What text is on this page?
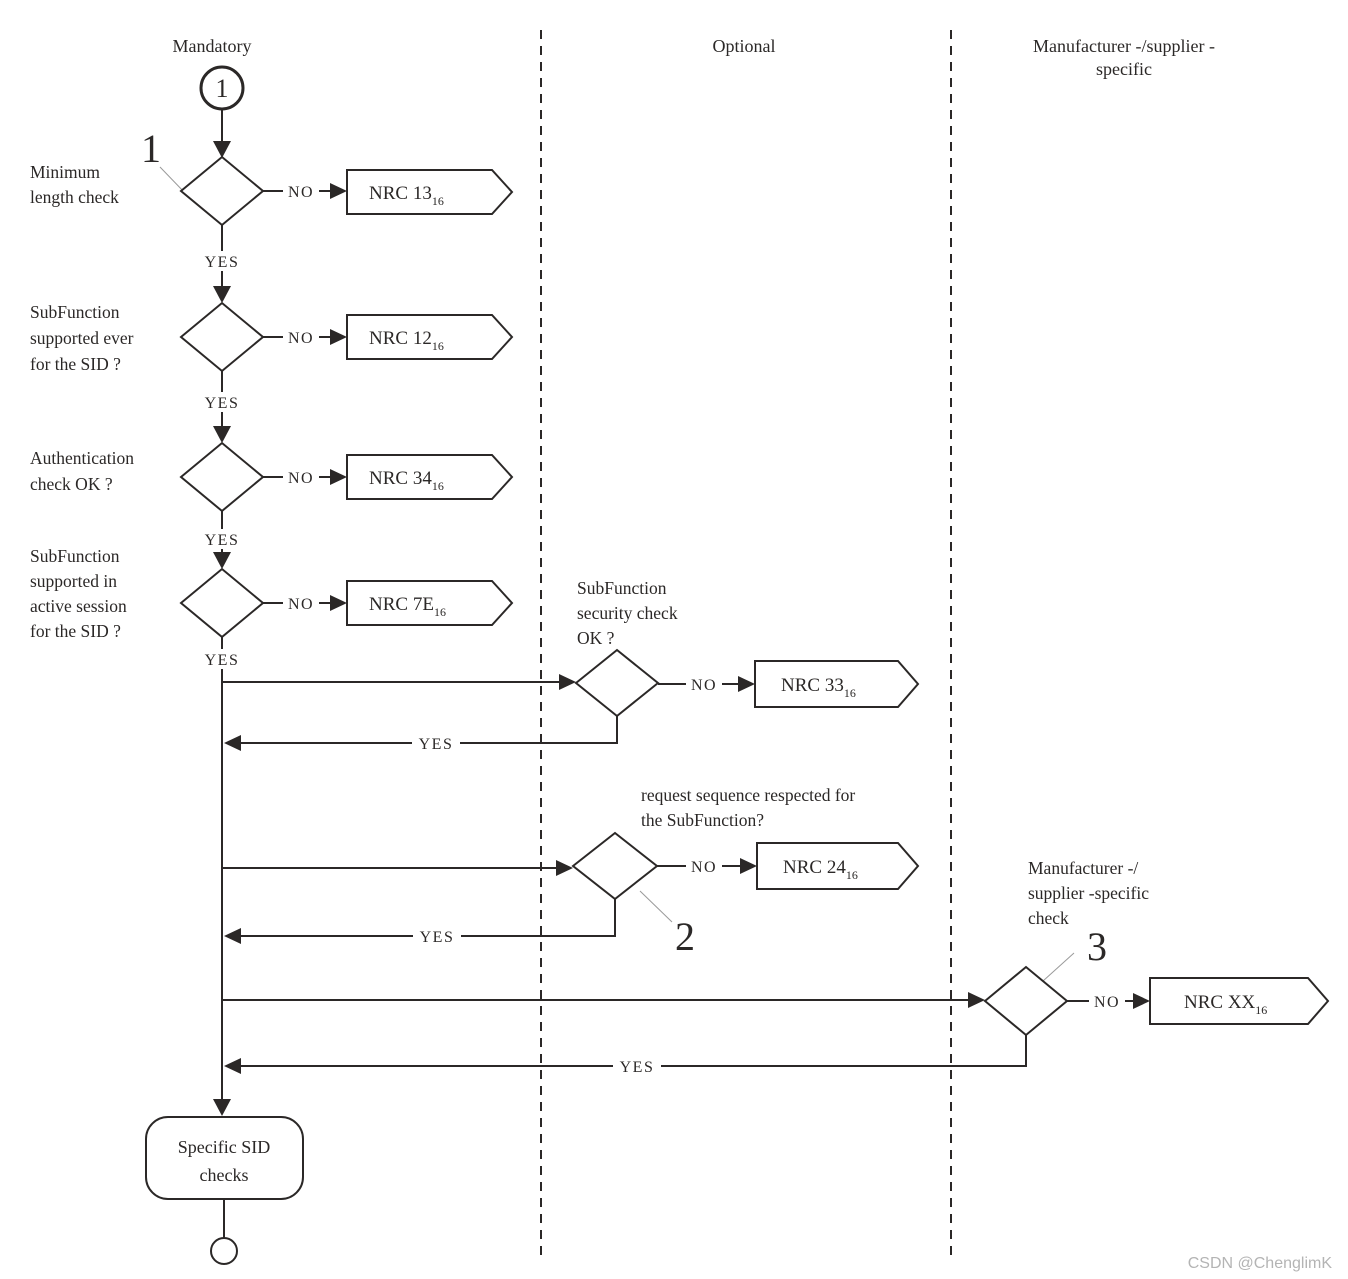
Mandatory	Optional	Manufacturer -/supplier -
specific
1
1
Minimum
length check	NO	NRC $13_{16}$
YES
SubFunction
supported ever
for the SID ?
NO	NRC $12_{16}$
YES
Authentication
check OK ?	NO	NRC $34_{16}$
YES
SubFunction
supported in
active session
for the SID ?
NO	NRC $7E_{16}$
YES
SubFunction
security check
OK ?
NO	NRC $33_{16}$
YES
request sequence respected for
the SubFunction?
NO	NRC $24_{16}$
2
YES
Manufacturer -/
supplier -specific
check
3
NO	NRC $XX_{16}$
YES
Specific SID
checks
CSDN @ChenglimK
